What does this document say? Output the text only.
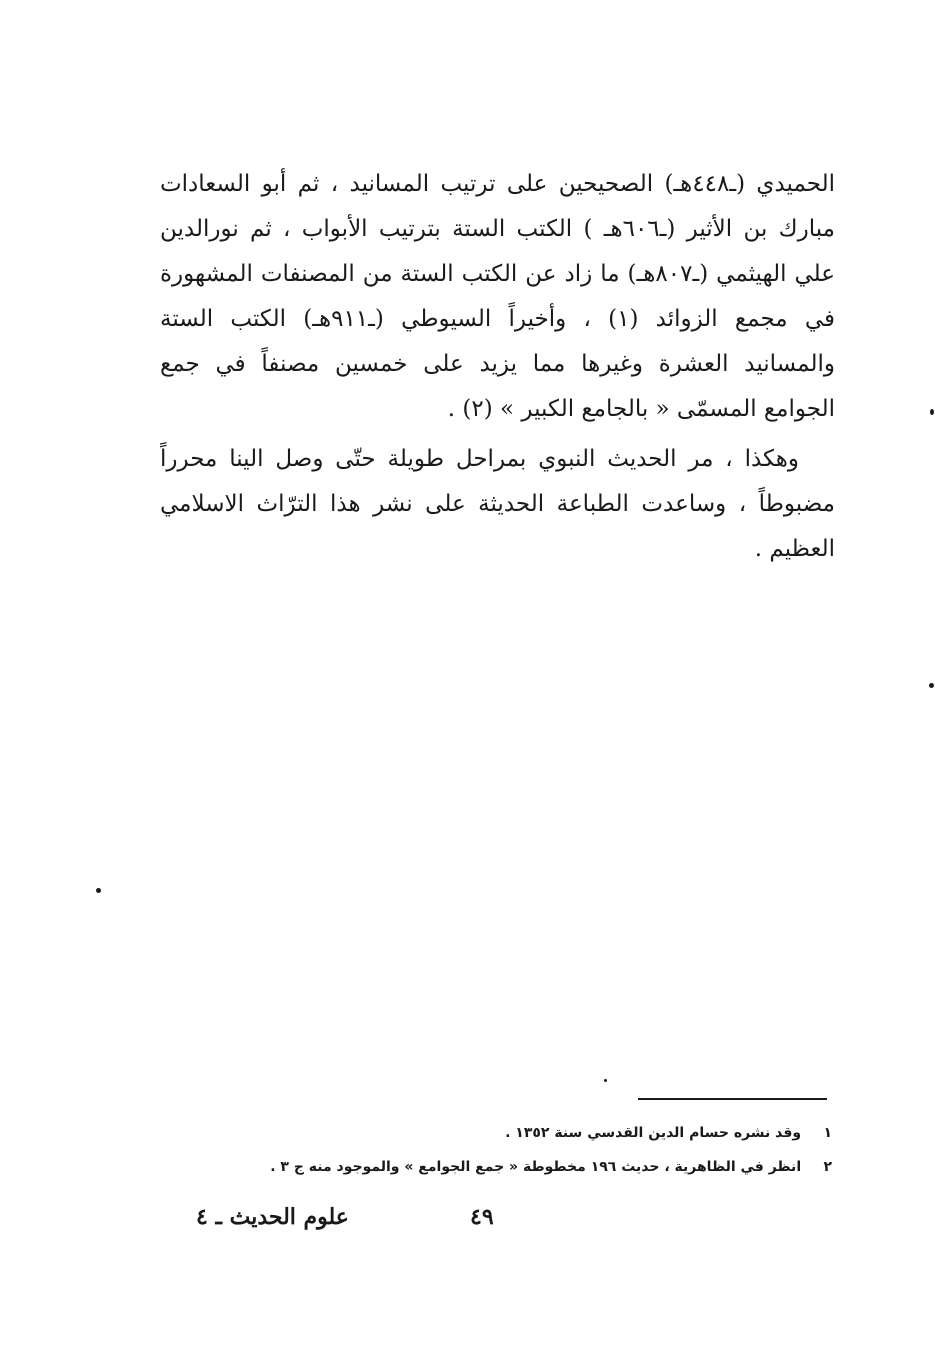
الحميدي (ـ٤٤٨هـ) الصحيحين على ترتيب المسانيد ، ثم أبو السعادات مبارك بن الأثير (ـ٦٠٦هـ ) الكتب الستة بترتيب الأبواب ، ثم نورالدين علي الهيثمي (ـ٨٠٧هـ) ما زاد عن الكتب الستة من المصنفات المشهورة في مجمع الزوائد (١) ، وأخيراً السيوطي (ـ٩١١هـ) الكتب الستة والمسانيد العشرة وغيرها مما يزيد على خمسين مصنفاً في جمع الجوامع المسمّى « بالجامع الكبير » (٢) .

وهكذا ، مر الحديث النبوي بمراحل طويلة حتّى وصل الينا محرراً مضبوطاً ، وساعدت الطباعة الحديثة على نشر هذا الترّاث الاسلامي العظيم .

١ وقد نشره حسام الدين القدسي سنة ١٣٥٢ .
٢ انظر في الظاهرية ، حديث ١٩٦ مخطوطة « جمع الجوامع » والموجود منه ج ٣ .
٤٩
علوم الحديث ـ ٤
